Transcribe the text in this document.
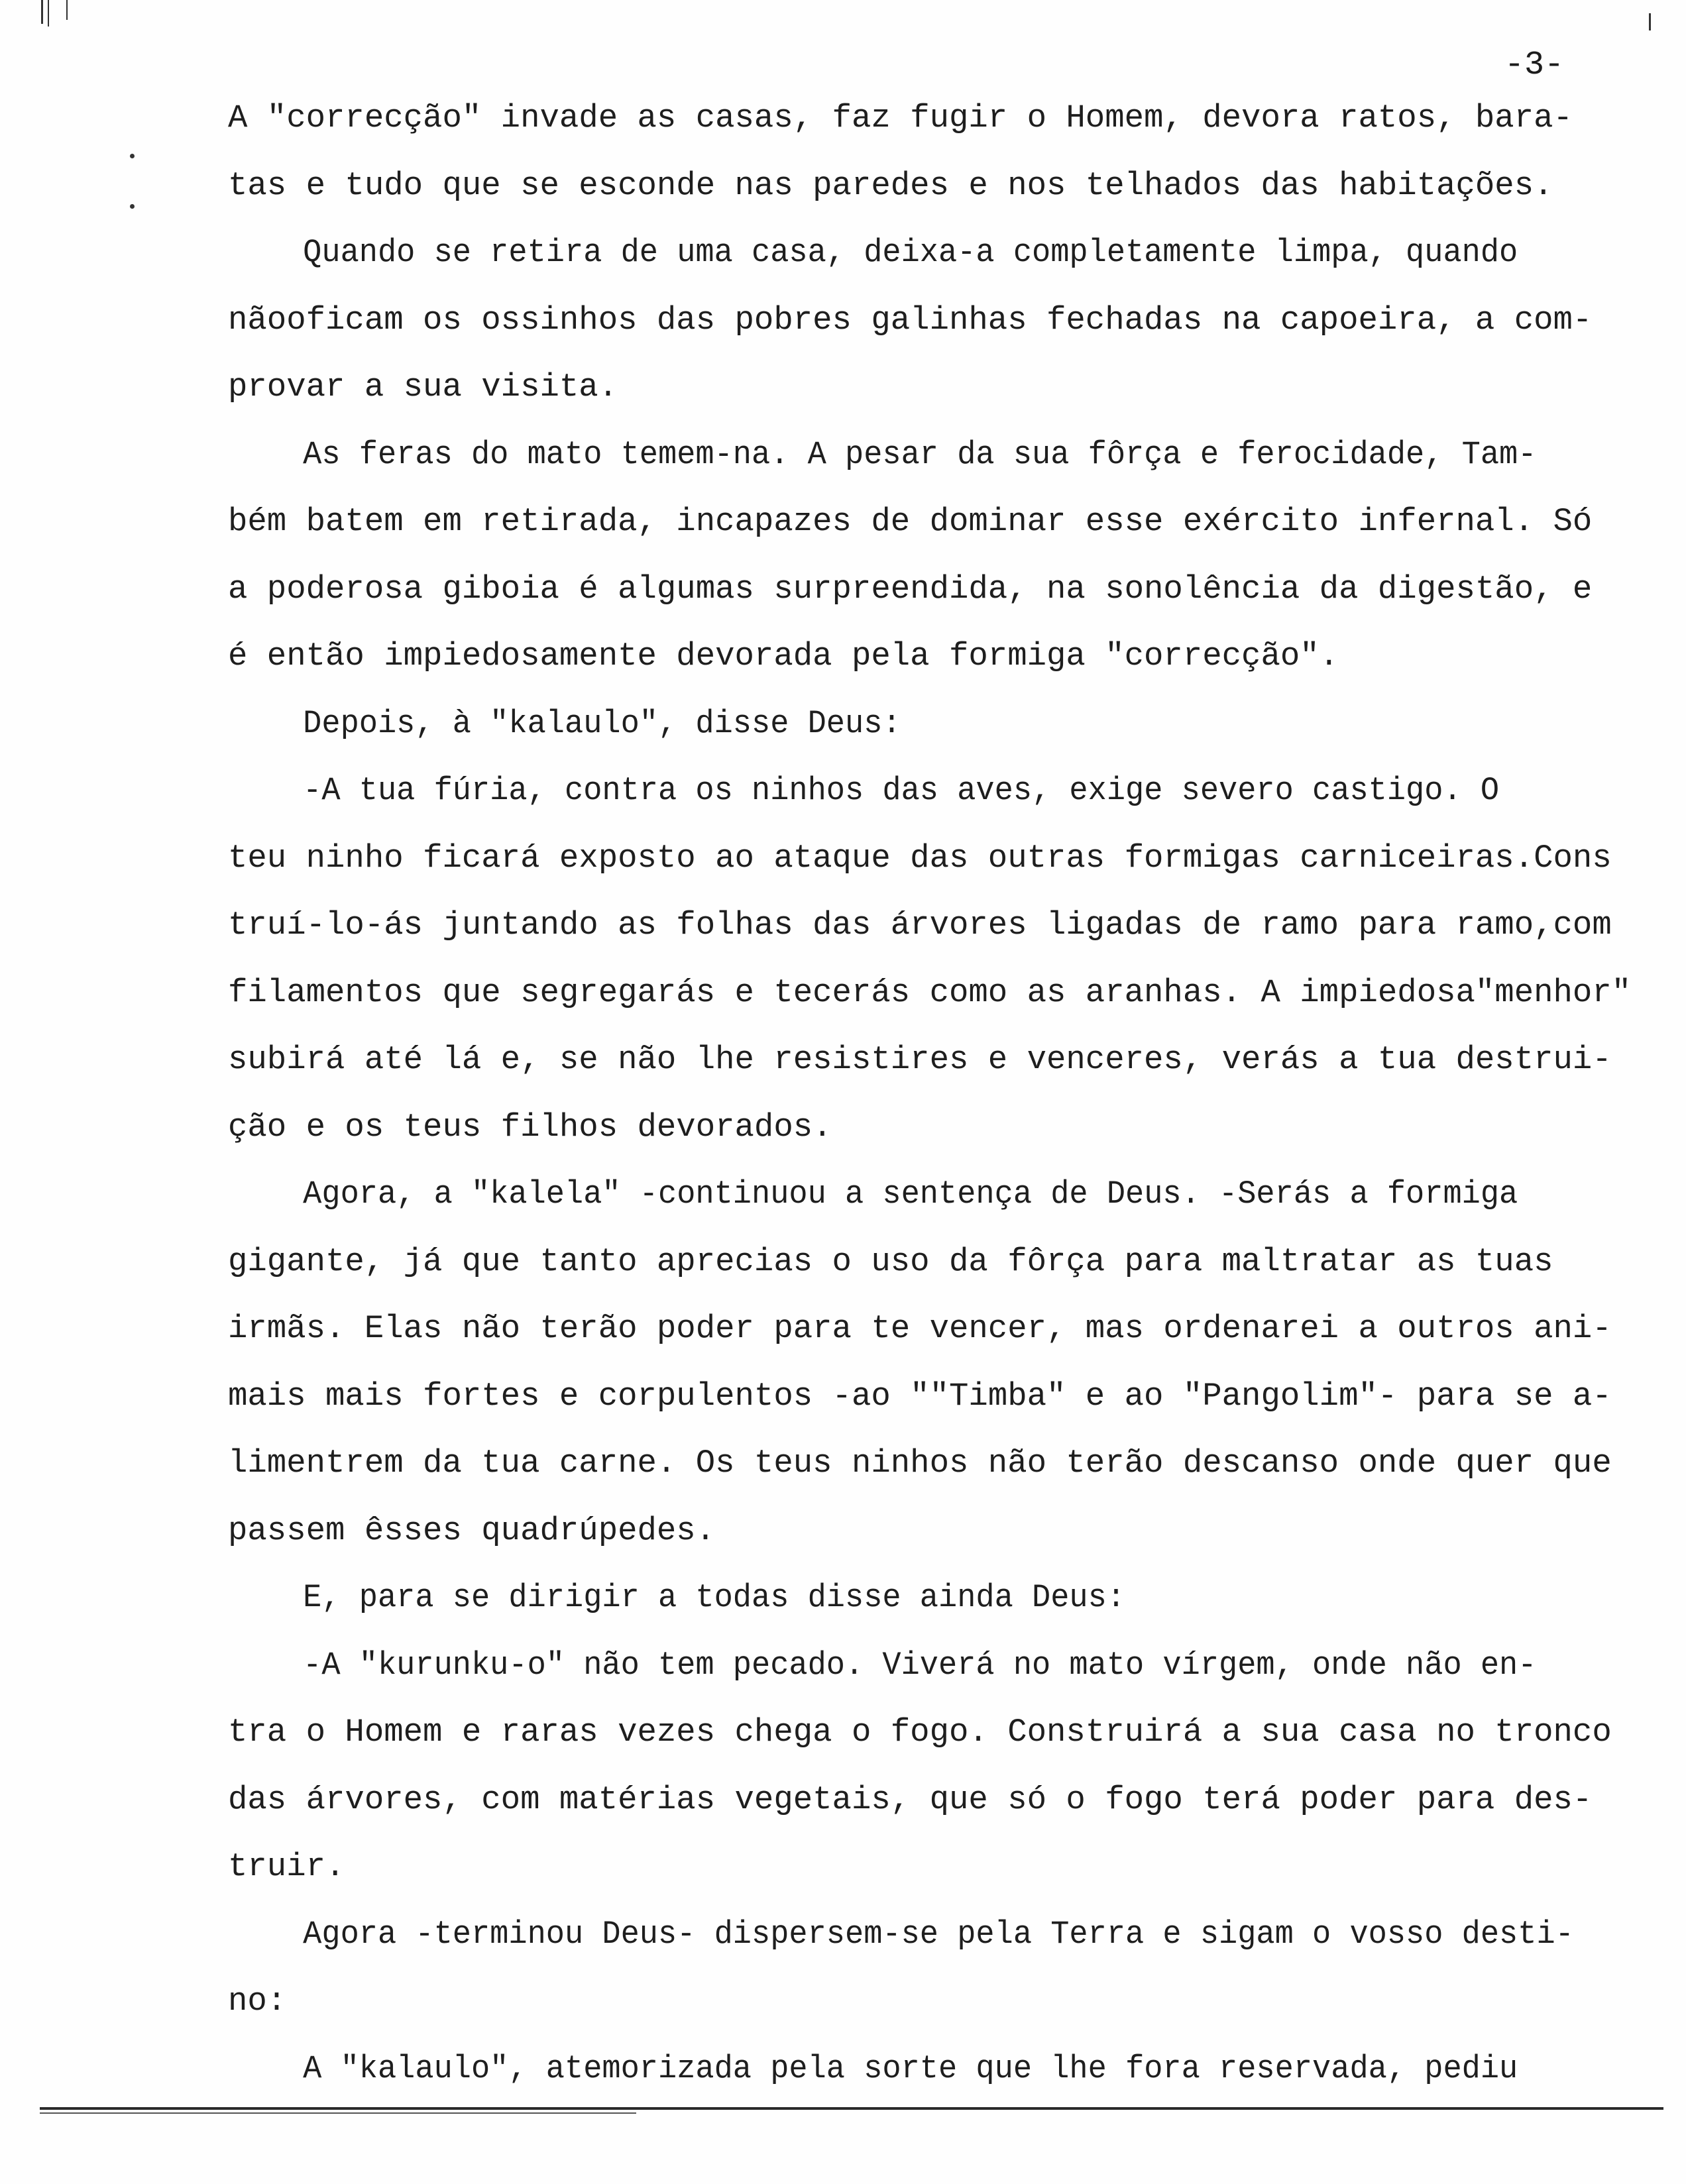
-3-
A "correcção" invade as casas, faz fugir o Homem, devora ratos, bara-
tas e tudo que se esconde nas paredes e nos telhados das habitações.
Quando se retira de uma casa, deixa-a completamente limpa, quando
nãooficam os ossinhos das pobres galinhas fechadas na capoeira, a com-
provar a sua visita.
As feras do mato temem-na. A pesar da sua fôrça e ferocidade, Tam-
bém batem em retirada, incapazes de dominar esse exército infernal. Só
a poderosa giboia é algumas surpreendida, na sonolência da digestão, e
é então impiedosamente devorada pela formiga "correcção".
Depois, à "kalaulo", disse Deus:
-A tua fúria, contra os ninhos das aves, exige severo castigo. O
teu ninho ficará exposto ao ataque das outras formigas carniceiras.Cons
truí-lo-ás juntando as folhas das árvores ligadas de ramo para ramo,com
filamentos que segregarás e tecerás como as aranhas. A impiedosa"menhor"
subirá até lá e, se não lhe resistires e venceres, verás a tua destrui-
ção e os teus filhos devorados.
Agora, a "kalela" -continuou a sentença de Deus. -Serás a formiga
gigante, já que tanto aprecias o uso da fôrça para maltratar as tuas
irmãs. Elas não terão poder para te vencer, mas ordenarei a outros ani-
mais mais fortes e corpulentos -ao ""Timba" e ao "Pangolim"- para se a-
limentrem da tua carne. Os teus ninhos não terão descanso onde quer que
passem êsses quadrúpedes.
E, para se dirigir a todas disse ainda Deus:
-A "kurunku-o" não tem pecado. Viverá no mato vírgem, onde não en-
tra o Homem e raras vezes chega o fogo. Construirá a sua casa no tronco
das árvores, com matérias vegetais, que só o fogo terá poder para des-
truir.
Agora -terminou Deus- dispersem-se pela Terra e sigam o vosso desti-
no:
A "kalaulo", atemorizada pela sorte que lhe fora reservada, pediu
